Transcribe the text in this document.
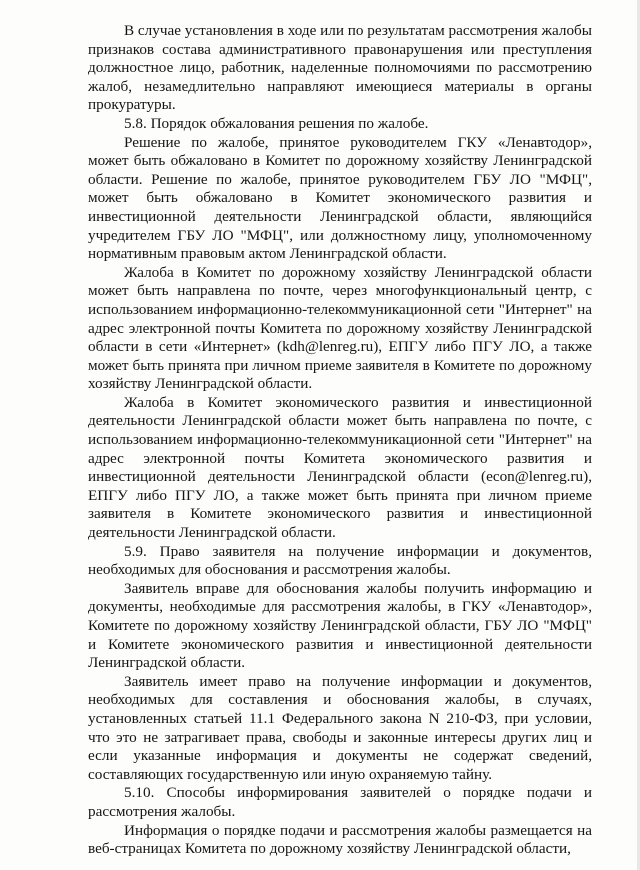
В случае установления в ходе или по результатам рассмотрения жалобы признаков состава административного правонарушения или преступления должностное лицо, работник, наделенные полномочиями по рассмотрению жалоб, незамедлительно направляют имеющиеся материалы в органы прокуратуры.

5.8. Порядок обжалования решения по жалобе.

Решение по жалобе, принятое руководителем ГКУ «Ленавтодор», может быть обжаловано в Комитет по дорожному хозяйству Ленинградской области. Решение по жалобе, принятое руководителем ГБУ ЛО "МФЦ", может быть обжаловано в Комитет экономического развития и инвестиционной деятельности Ленинградской области, являющийся учредителем ГБУ ЛО "МФЦ", или должностному лицу, уполномоченному нормативным правовым актом Ленинградской области.

Жалоба в Комитет по дорожному хозяйству Ленинградской области может быть направлена по почте, через многофункциональный центр, с использованием информационно-телекоммуникационной сети "Интернет" на адрес электронной почты Комитета по дорожному хозяйству Ленинградской области в сети «Интернет» (kdh@lenreg.ru), ЕПГУ либо ПГУ ЛО, а также может быть принята при личном приеме заявителя в Комитете по дорожному хозяйству Ленинградской области.

Жалоба в Комитет экономического развития и инвестиционной деятельности Ленинградской области может быть направлена по почте, с использованием информационно-телекоммуникационной сети "Интернет" на адрес электронной почты Комитета экономического развития и инвестиционной деятельности Ленинградской области (econ@lenreg.ru), ЕПГУ либо ПГУ ЛО, а также может быть принята при личном приеме заявителя в Комитете экономического развития и инвестиционной деятельности Ленинградской области.

5.9. Право заявителя на получение информации и документов, необходимых для обоснования и рассмотрения жалобы.

Заявитель вправе для обоснования жалобы получить информацию и документы, необходимые для рассмотрения жалобы, в ГКУ «Ленавтодор», Комитете по дорожному хозяйству Ленинградской области, ГБУ ЛО "МФЦ" и Комитете экономического развития и инвестиционной деятельности Ленинградской области.

Заявитель имеет право на получение информации и документов, необходимых для составления и обоснования жалобы, в случаях, установленных статьей 11.1 Федерального закона N 210-ФЗ, при условии, что это не затрагивает права, свободы и законные интересы других лиц и если указанные информация и документы не содержат сведений, составляющих государственную или иную охраняемую тайну.

5.10. Способы информирования заявителей о порядке подачи и рассмотрения жалобы.

Информация о порядке подачи и рассмотрения жалобы размещается на веб-страницах Комитета по дорожному хозяйству Ленинградской области,
